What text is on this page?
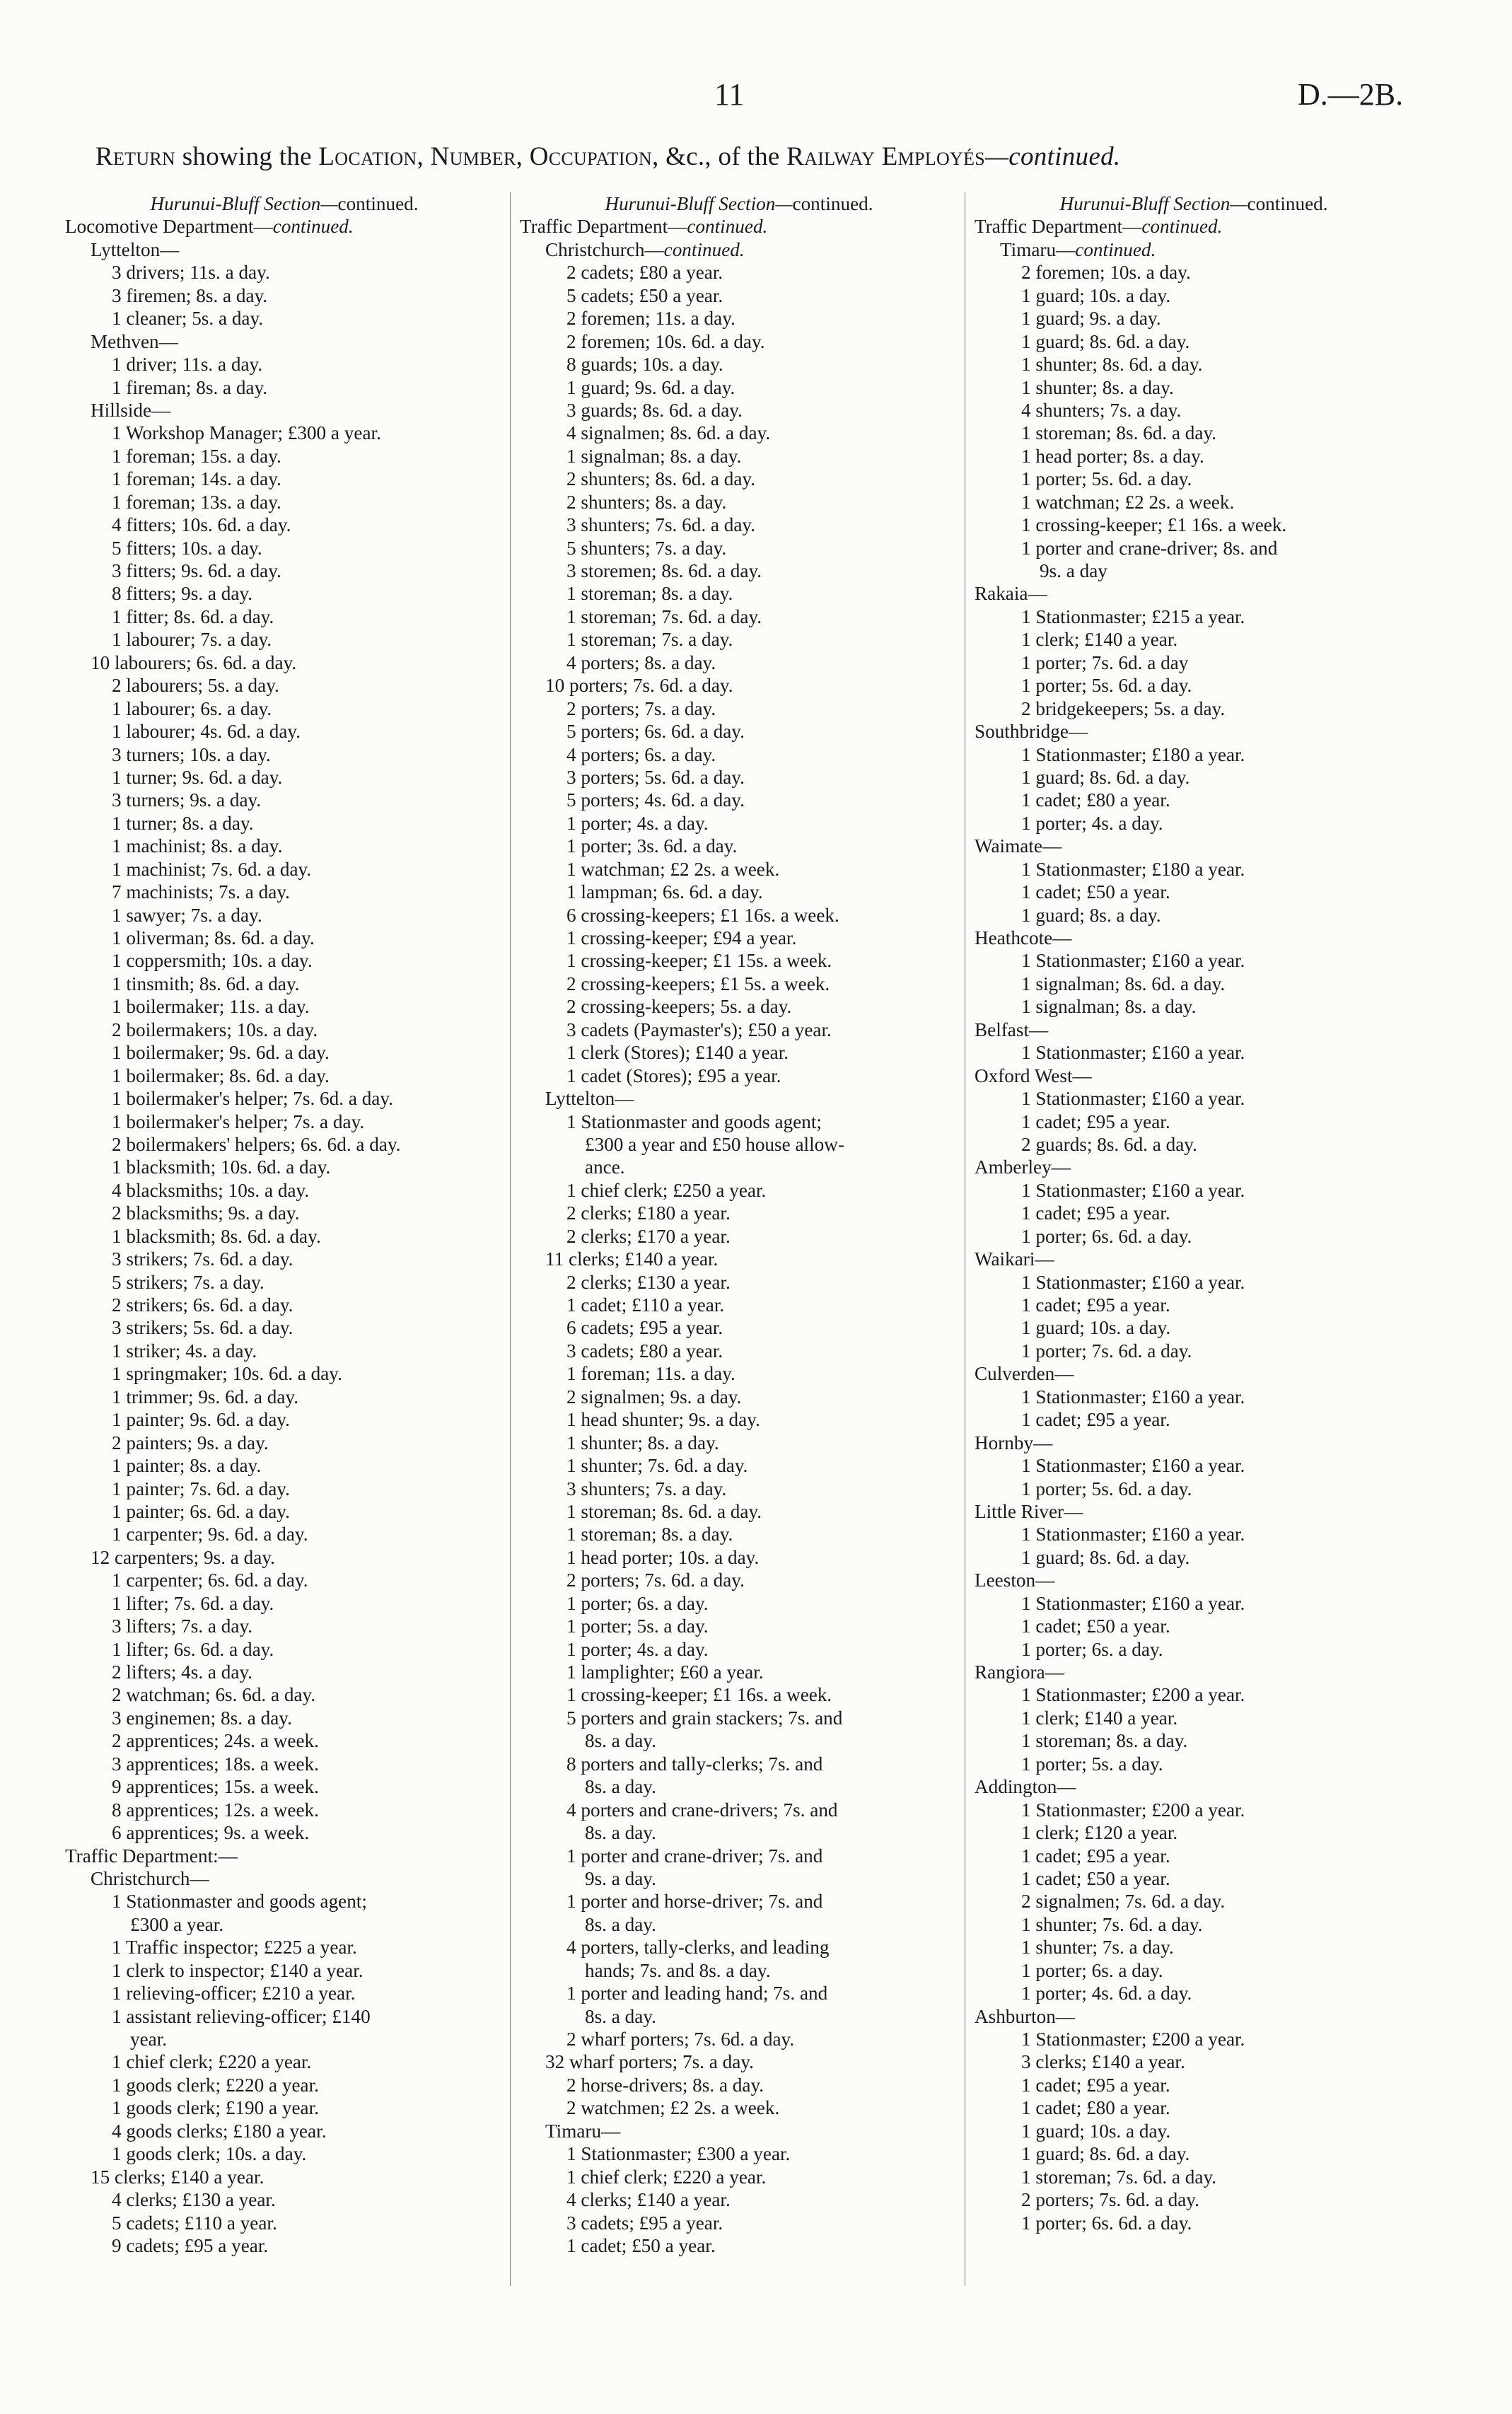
11	D.—2B.
Return showing the Location, Number, Occupation, &c., of the Railway Employés—continued.
Hurunui-Bluff Section—continued.
Locomotive Department—continued.
Lyttelton—
3 drivers; 11s. a day.
3 firemen; 8s. a day.
1 cleaner; 5s. a day.
Methven—
1 driver; 11s. a day.
1 fireman; 8s. a day.
Hillside—
1 Workshop Manager; £300 a year.
1 foreman; 15s. a day.
1 foreman; 14s. a day.
1 foreman; 13s. a day.
4 fitters; 10s. 6d. a day.
5 fitters; 10s. a day.
3 fitters; 9s. 6d. a day.
8 fitters; 9s. a day.
1 fitter; 8s. 6d. a day.
1 labourer; 7s. a day.
10 labourers; 6s. 6d. a day.
2 labourers; 5s. a day.
1 labourer; 6s. a day.
1 labourer; 4s. 6d. a day.
3 turners; 10s. a day.
1 turner; 9s. 6d. a day.
3 turners; 9s. a day.
1 turner; 8s. a day.
1 machinist; 8s. a day.
1 machinist; 7s. 6d. a day.
7 machinists; 7s. a day.
1 sawyer; 7s. a day.
1 oliverman; 8s. 6d. a day.
1 coppersmith; 10s. a day.
1 tinsmith; 8s. 6d. a day.
1 boilermaker; 11s. a day.
2 boilermakers; 10s. a day.
1 boilermaker; 9s. 6d. a day.
1 boilermaker; 8s. 6d. a day.
1 boilermaker's helper; 7s. 6d. a day.
1 boilermaker's helper; 7s. a day.
2 boilermakers' helpers; 6s. 6d. a day.
1 blacksmith; 10s. 6d. a day.
4 blacksmiths; 10s. a day.
2 blacksmiths; 9s. a day.
1 blacksmith; 8s. 6d. a day.
3 strikers; 7s. 6d. a day.
5 strikers; 7s. a day.
2 strikers; 6s. 6d. a day.
3 strikers; 5s. 6d. a day.
1 striker; 4s. a day.
1 springmaker; 10s. 6d. a day.
1 trimmer; 9s. 6d. a day.
1 painter; 9s. 6d. a day.
2 painters; 9s. a day.
1 painter; 8s. a day.
1 painter; 7s. 6d. a day.
1 painter; 6s. 6d. a day.
1 carpenter; 9s. 6d. a day.
12 carpenters; 9s. a day.
1 carpenter; 6s. 6d. a day.
1 lifter; 7s. 6d. a day.
3 lifters; 7s. a day.
1 lifter; 6s. 6d. a day.
2 lifters; 4s. a day.
2 watchman; 6s. 6d. a day.
3 enginemen; 8s. a day.
2 apprentices; 24s. a week.
3 apprentices; 18s. a week.
9 apprentices; 15s. a week.
8 apprentices; 12s. a week.
6 apprentices; 9s. a week.
Traffic Department:—
Christchurch—
1 Stationmaster and goods agent;
£300 a year.
1 Traffic inspector; £225 a year.
1 clerk to inspector; £140 a year.
1 relieving-officer; £210 a year.
1 assistant relieving-officer; £140
year.
1 chief clerk; £220 a year.
1 goods clerk; £220 a year.
1 goods clerk; £190 a year.
4 goods clerks; £180 a year.
1 goods clerk; 10s. a day.
15 clerks; £140 a year.
4 clerks; £130 a year.
5 cadets; £110 a year.
9 cadets; £95 a year.
Hurunui-Bluff Section—continued.
Traffic Department—continued.
Christchurch—continued.
2 cadets; £80 a year.
5 cadets; £50 a year.
2 foremen; 11s. a day.
2 foremen; 10s. 6d. a day.
8 guards; 10s. a day.
1 guard; 9s. 6d. a day.
3 guards; 8s. 6d. a day.
4 signalmen; 8s. 6d. a day.
1 signalman; 8s. a day.
2 shunters; 8s. 6d. a day.
2 shunters; 8s. a day.
3 shunters; 7s. 6d. a day.
5 shunters; 7s. a day.
3 storemen; 8s. 6d. a day.
1 storeman; 8s. a day.
1 storeman; 7s. 6d. a day.
1 storeman; 7s. a day.
4 porters; 8s. a day.
10 porters; 7s. 6d. a day.
2 porters; 7s. a day.
5 porters; 6s. 6d. a day.
4 porters; 6s. a day.
3 porters; 5s. 6d. a day.
5 porters; 4s. 6d. a day.
1 porter; 4s. a day.
1 porter; 3s. 6d. a day.
1 watchman; £2 2s. a week.
1 lampman; 6s. 6d. a day.
6 crossing-keepers; £1 16s. a week.
1 crossing-keeper; £94 a year.
1 crossing-keeper; £1 15s. a week.
2 crossing-keepers; £1 5s. a week.
2 crossing-keepers; 5s. a day.
3 cadets (Paymaster's); £50 a year.
1 clerk (Stores); £140 a year.
1 cadet (Stores); £95 a year.
Lyttelton—
1 Stationmaster and goods agent;
£300 a year and £50 house allow-
ance.
1 chief clerk; £250 a year.
2 clerks; £180 a year.
2 clerks; £170 a year.
11 clerks; £140 a year.
2 clerks; £130 a year.
1 cadet; £110 a year.
6 cadets; £95 a year.
3 cadets; £80 a year.
1 foreman; 11s. a day.
2 signalmen; 9s. a day.
1 head shunter; 9s. a day.
1 shunter; 8s. a day.
1 shunter; 7s. 6d. a day.
3 shunters; 7s. a day.
1 storeman; 8s. 6d. a day.
1 storeman; 8s. a day.
1 head porter; 10s. a day.
2 porters; 7s. 6d. a day.
1 porter; 6s. a day.
1 porter; 5s. a day.
1 porter; 4s. a day.
1 lamplighter; £60 a year.
1 crossing-keeper; £1 16s. a week.
5 porters and grain stackers; 7s. and
8s. a day.
8 porters and tally-clerks; 7s. and
8s. a day.
4 porters and crane-drivers; 7s. and
8s. a day.
1 porter and crane-driver; 7s. and
9s. a day.
1 porter and horse-driver; 7s. and
8s. a day.
4 porters, tally-clerks, and leading
hands; 7s. and 8s. a day.
1 porter and leading hand; 7s. and
8s. a day.
2 wharf porters; 7s. 6d. a day.
32 wharf porters; 7s. a day.
2 horse-drivers; 8s. a day.
2 watchmen; £2 2s. a week.
Timaru—
1 Stationmaster; £300 a year.
1 chief clerk; £220 a year.
4 clerks; £140 a year.
3 cadets; £95 a year.
1 cadet; £50 a year.
Hurunui-Bluff Section—continued.
Traffic Department—continued.
Timaru—continued.
2 foremen; 10s. a day.
1 guard; 10s. a day.
1 guard; 9s. a day.
1 guard; 8s. 6d. a day.
1 shunter; 8s. 6d. a day.
1 shunter; 8s. a day.
4 shunters; 7s. a day.
1 storeman; 8s. 6d. a day.
1 head porter; 8s. a day.
1 porter; 5s. 6d. a day.
1 watchman; £2 2s. a week.
1 crossing-keeper; £1 16s. a week.
1 porter and crane-driver; 8s. and
9s. a day
Rakaia—
1 Stationmaster; £215 a year.
1 clerk; £140 a year.
1 porter; 7s. 6d. a day
1 porter; 5s. 6d. a day.
2 bridgekeepers; 5s. a day.
Southbridge—
1 Stationmaster; £180 a year.
1 guard; 8s. 6d. a day.
1 cadet; £80 a year.
1 porter; 4s. a day.
Waimate—
1 Stationmaster; £180 a year.
1 cadet; £50 a year.
1 guard; 8s. a day.
Heathcote—
1 Stationmaster; £160 a year.
1 signalman; 8s. 6d. a day.
1 signalman; 8s. a day.
Belfast—
1 Stationmaster; £160 a year.
Oxford West—
1 Stationmaster; £160 a year.
1 cadet; £95 a year.
2 guards; 8s. 6d. a day.
Amberley—
1 Stationmaster; £160 a year.
1 cadet; £95 a year.
1 porter; 6s. 6d. a day.
Waikari—
1 Stationmaster; £160 a year.
1 cadet; £95 a year.
1 guard; 10s. a day.
1 porter; 7s. 6d. a day.
Culverden—
1 Stationmaster; £160 a year.
1 cadet; £95 a year.
Hornby—
1 Stationmaster; £160 a year.
1 porter; 5s. 6d. a day.
Little River—
1 Stationmaster; £160 a year.
1 guard; 8s. 6d. a day.
Leeston—
1 Stationmaster; £160 a year.
1 cadet; £50 a year.
1 porter; 6s. a day.
Rangiora—
1 Stationmaster; £200 a year.
1 clerk; £140 a year.
1 storeman; 8s. a day.
1 porter; 5s. a day.
Addington—
1 Stationmaster; £200 a year.
1 clerk; £120 a year.
1 cadet; £95 a year.
1 cadet; £50 a year.
2 signalmen; 7s. 6d. a day.
1 shunter; 7s. 6d. a day.
1 shunter; 7s. a day.
1 porter; 6s. a day.
1 porter; 4s. 6d. a day.
Ashburton—
1 Stationmaster; £200 a year.
3 clerks; £140 a year.
1 cadet; £95 a year.
1 cadet; £80 a year.
1 guard; 10s. a day.
1 guard; 8s. 6d. a day.
1 storeman; 7s. 6d. a day.
2 porters; 7s. 6d. a day.
1 porter; 6s. 6d. a day.
